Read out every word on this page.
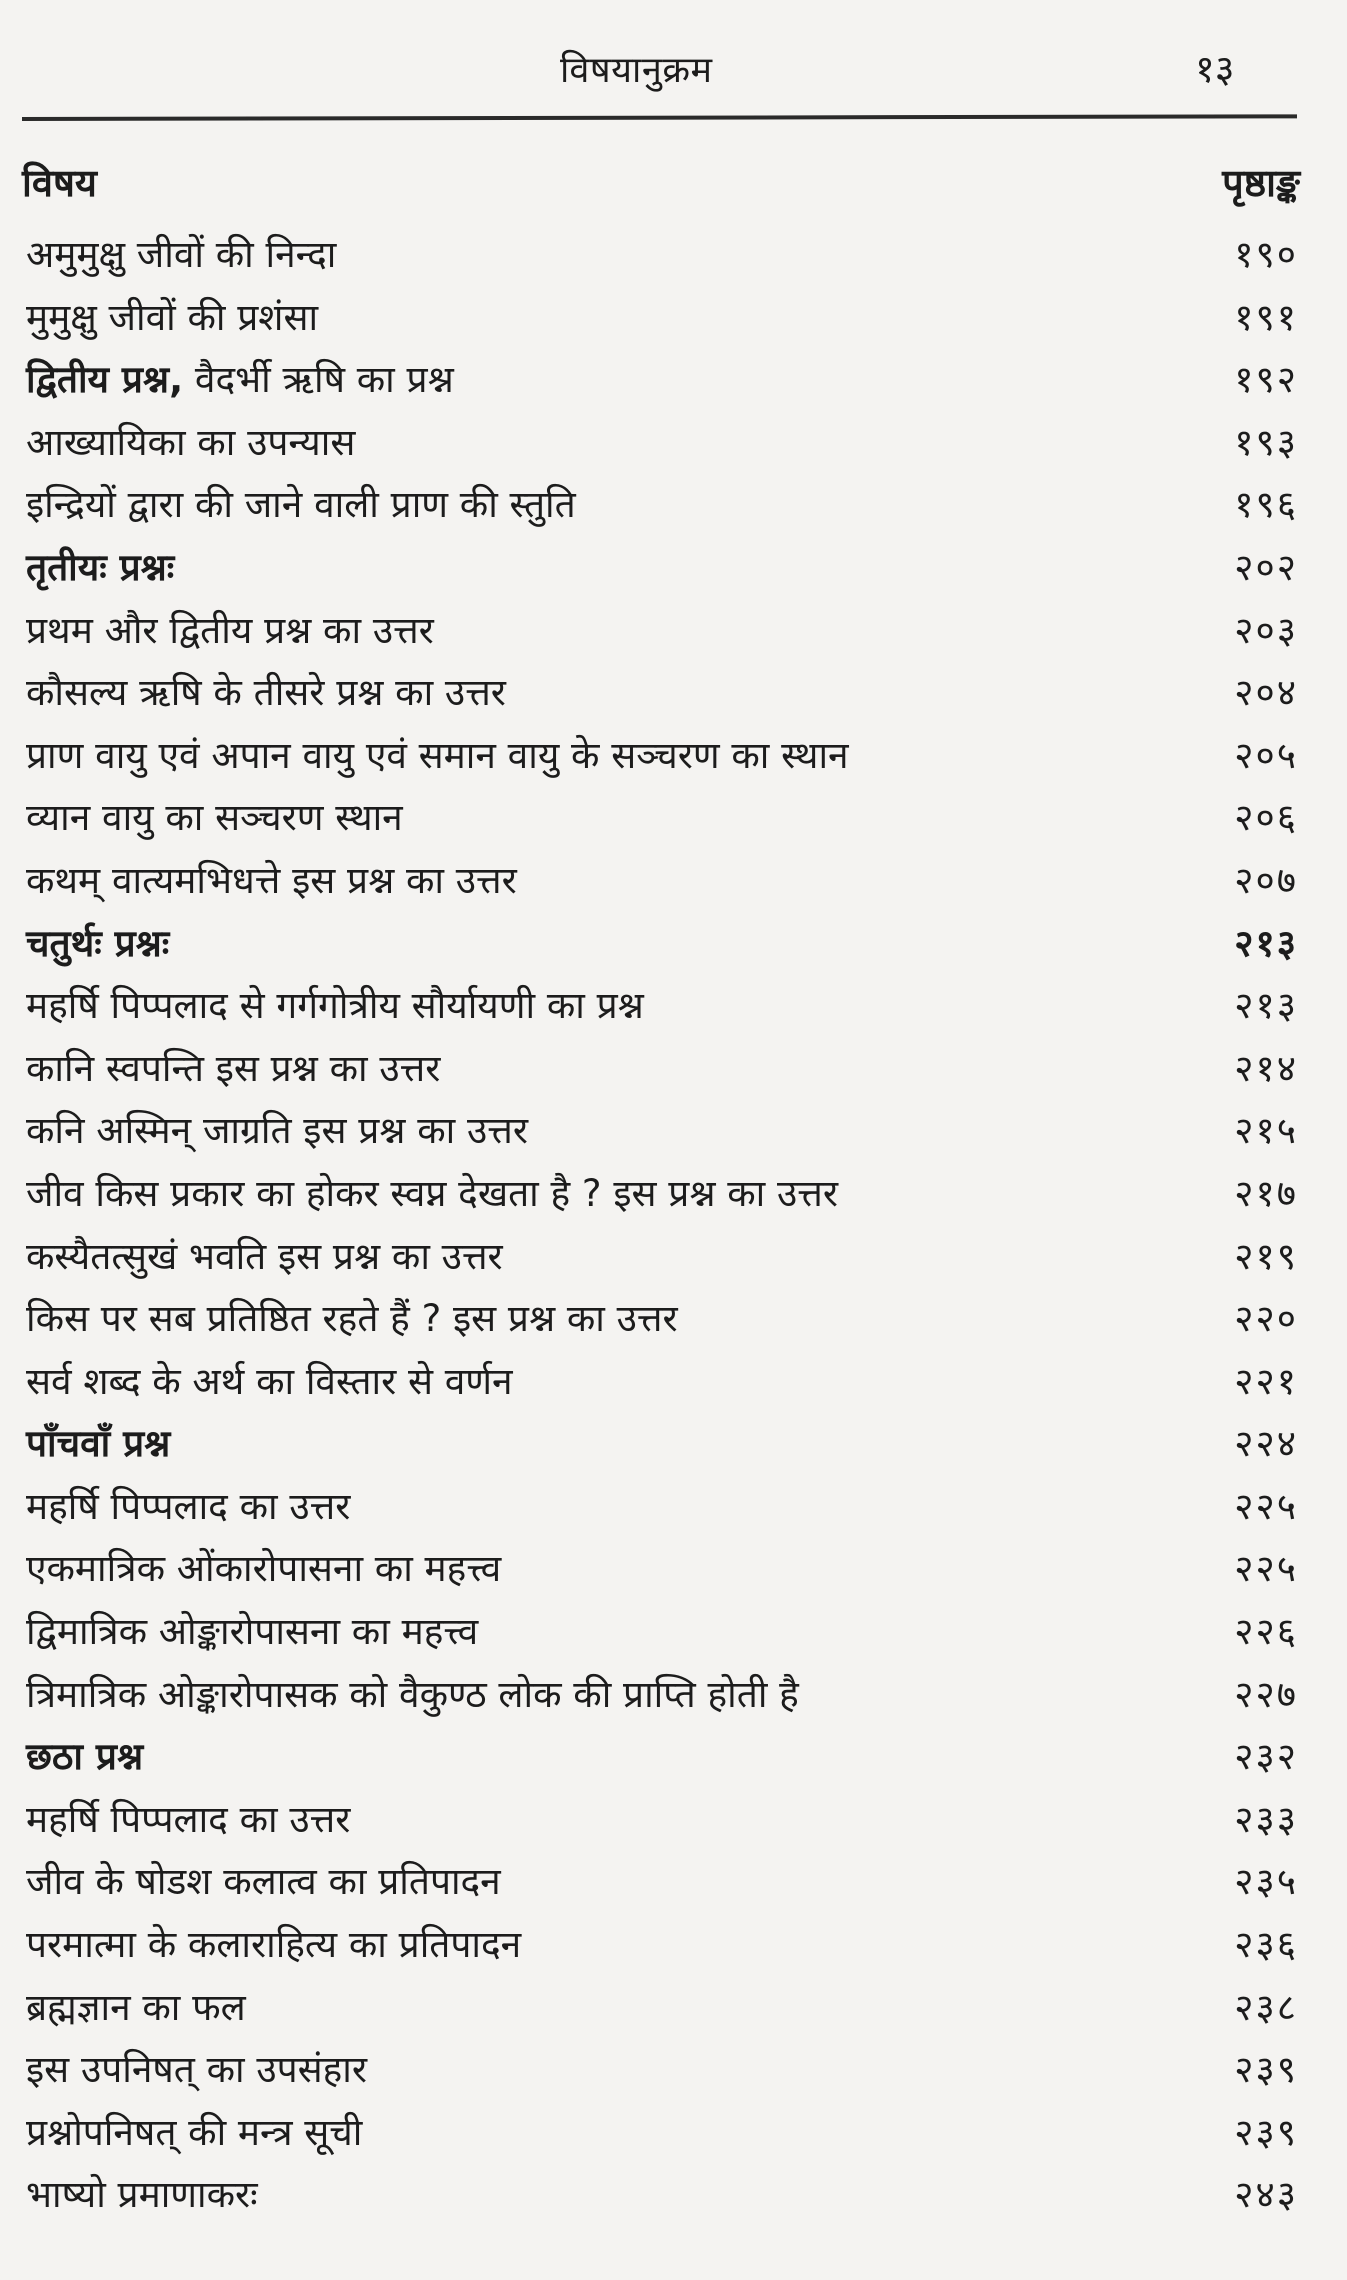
विषयानुक्रम	१३
विषय	पृष्ठाङ्क
अमुमुक्षु जीवों की निन्दा	१९०
मुमुक्षु जीवों की प्रशंसा	१९१
द्वितीय प्रश्न, वैदर्भी ऋषि का प्रश्न	१९२
आख्यायिका का उपन्यास	१९३
इन्द्रियों द्वारा की जाने वाली प्राण की स्तुति	१९६
तृतीयः प्रश्नः	२०२
प्रथम और द्वितीय प्रश्न का उत्तर	२०३
कौसल्य ऋषि के तीसरे प्रश्न का उत्तर	२०४
प्राण वायु एवं अपान वायु एवं समान वायु के सञ्चरण का स्थान	२०५
व्यान वायु का सञ्चरण स्थान	२०६
कथम् वात्यमभिधत्ते इस प्रश्न का उत्तर	२०७
चतुर्थः प्रश्नः	२१३
महर्षि पिप्पलाद से गर्गगोत्रीय सौर्यायणी का प्रश्न	२१३
कानि स्वपन्ति इस प्रश्न का उत्तर	२१४
कनि अस्मिन् जाग्रति इस प्रश्न का उत्तर	२१५
जीव किस प्रकार का होकर स्वप्न देखता है ? इस प्रश्न का उत्तर	२१७
कस्यैतत्सुखं भवति इस प्रश्न का उत्तर	२१९
किस पर सब प्रतिष्ठित रहते हैं ? इस प्रश्न का उत्तर	२२०
सर्व शब्द के अर्थ का विस्तार से वर्णन	२२१
पाँचवाँ प्रश्न	२२४
महर्षि पिप्पलाद का उत्तर	२२५
एकमात्रिक ओंकारोपासना का महत्त्व	२२५
द्विमात्रिक ओङ्कारोपासना का महत्त्व	२२६
त्रिमात्रिक ओङ्कारोपासक को वैकुण्ठ लोक की प्राप्ति होती है	२२७
छठा प्रश्न	२३२
महर्षि पिप्पलाद का उत्तर	२३३
जीव के षोडश कलात्व का प्रतिपादन	२३५
परमात्मा के कलाराहित्य का प्रतिपादन	२३६
ब्रह्मज्ञान का फल	२३८
इस उपनिषत् का उपसंहार	२३९
प्रश्नोपनिषत् की मन्त्र सूची	२३९
भाष्यो प्रमाणाकरः	२४३
